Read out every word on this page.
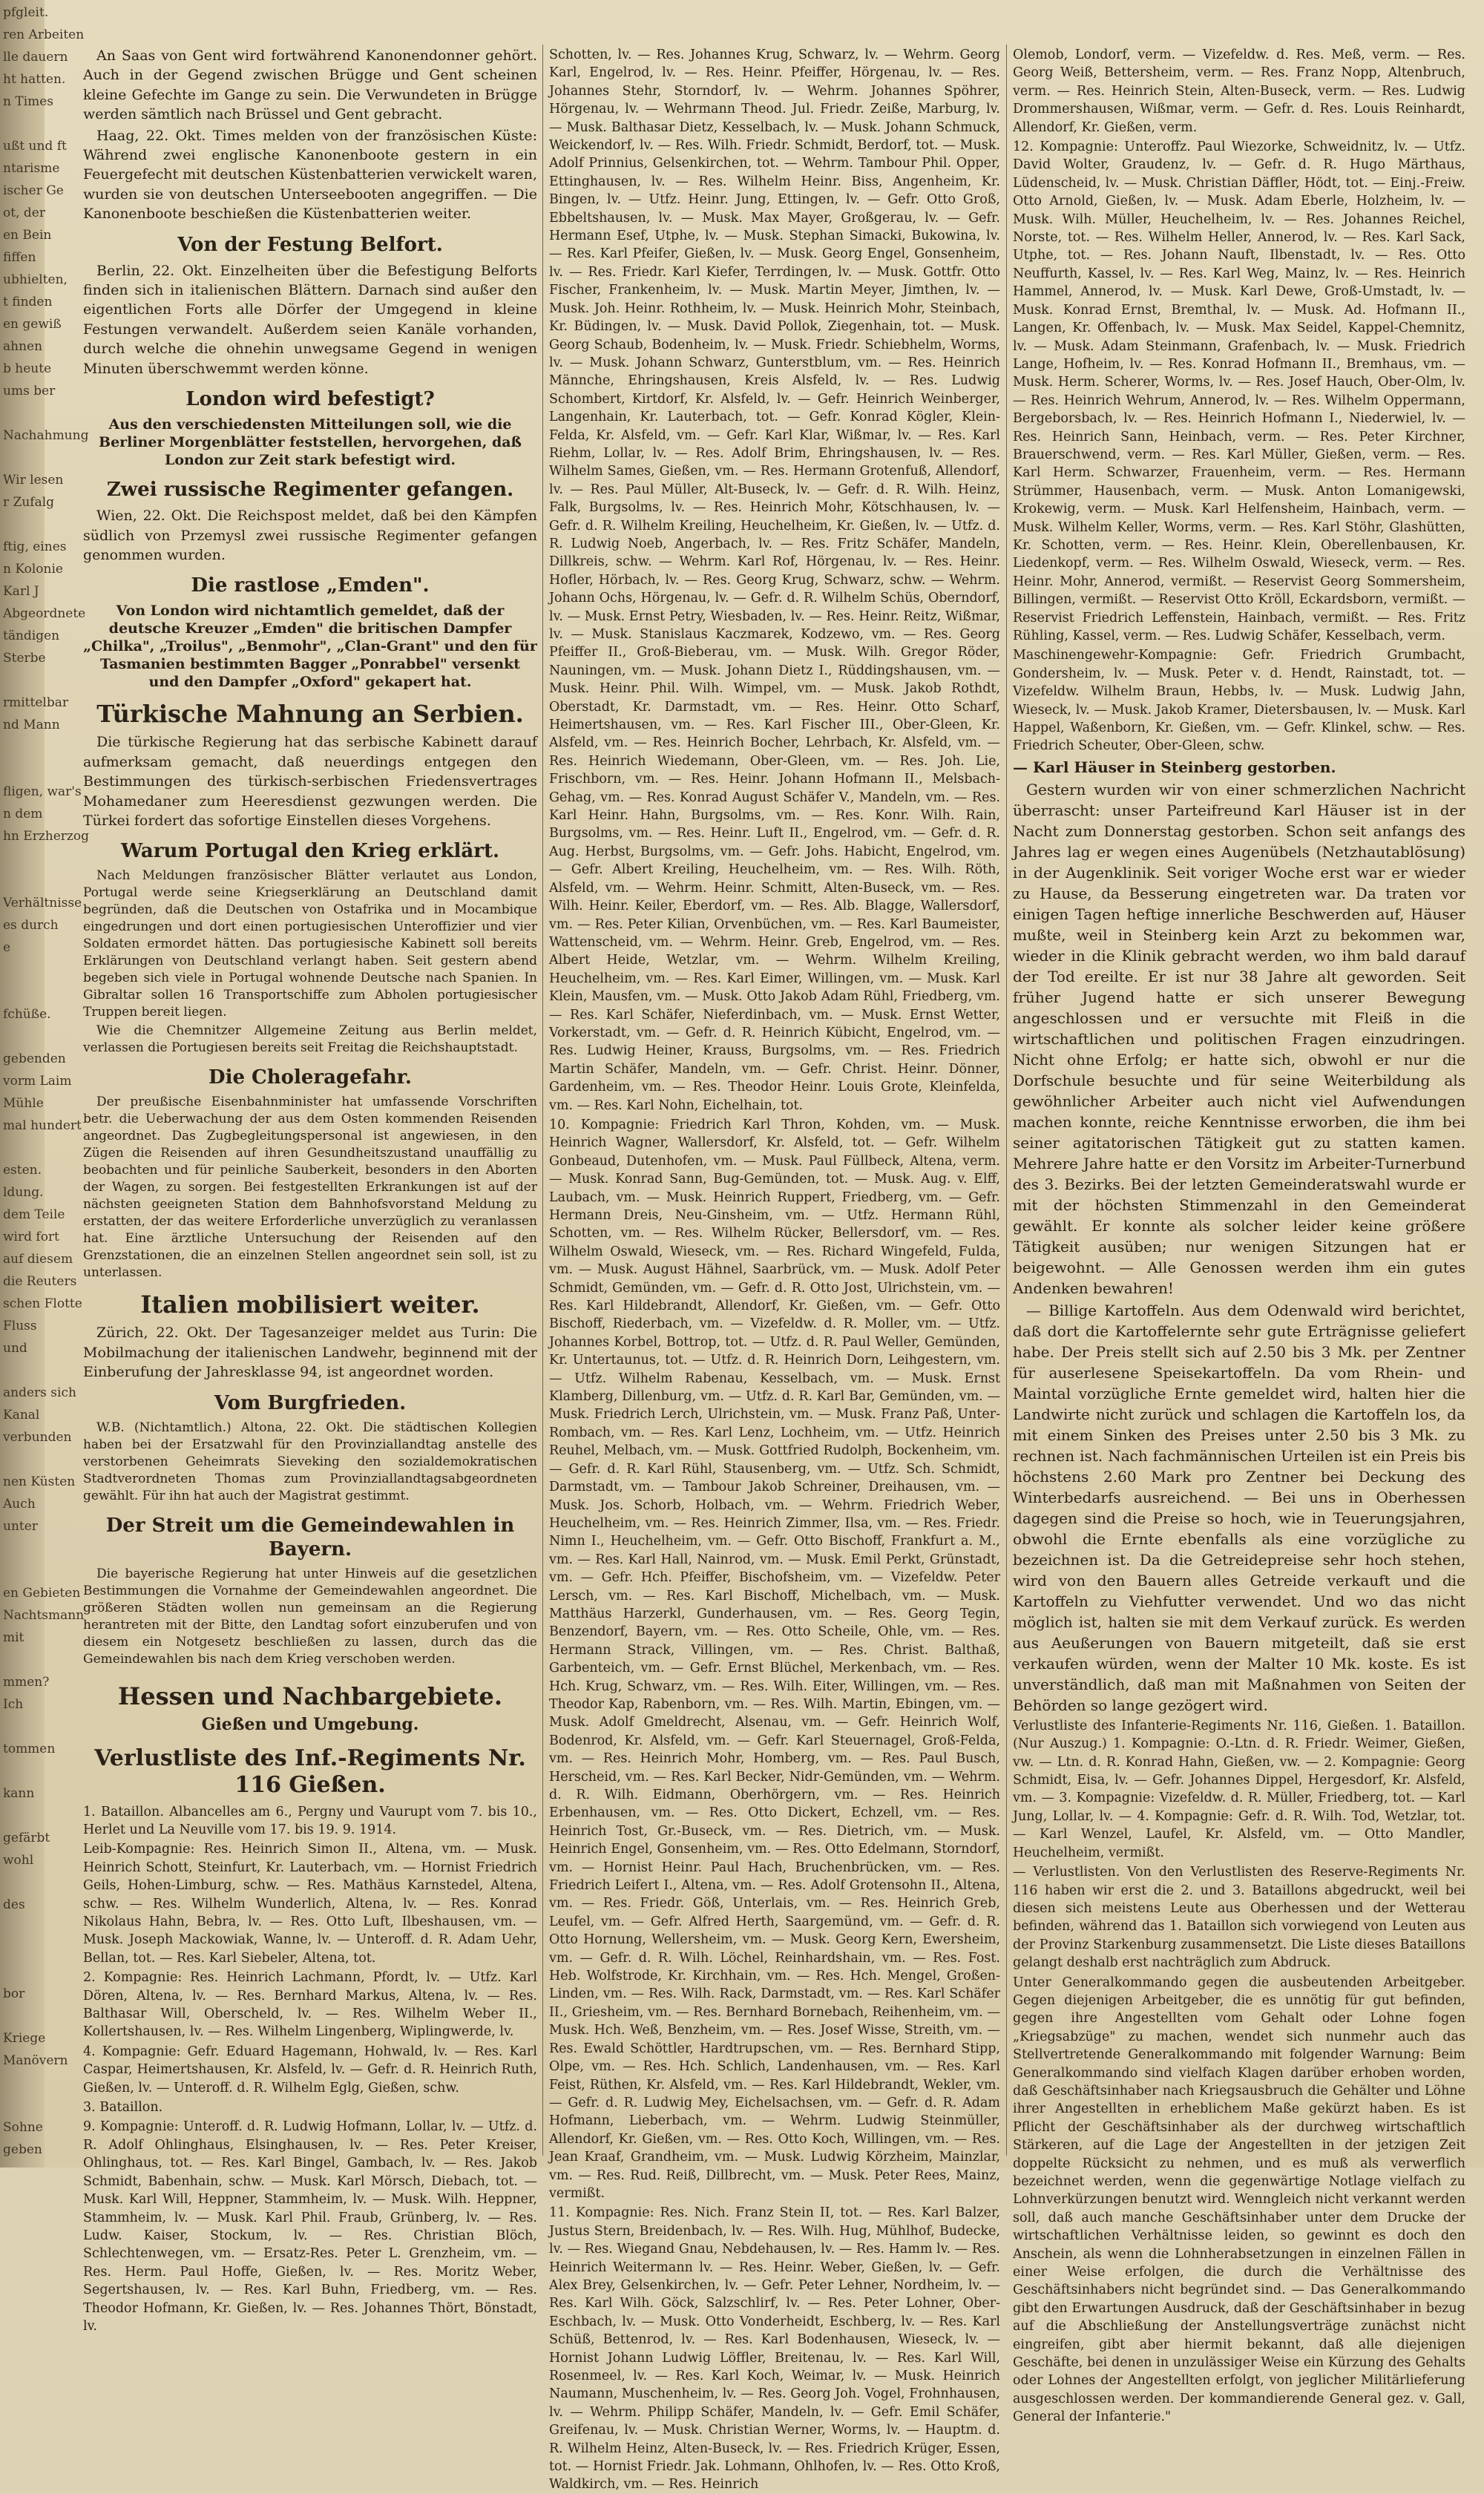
pfgleit.
ren Arbeiten
lle dauern
ht hatten.
n Times
ußt und ft
ntarisme
ischer Ge
ot, der
en Bein
fiffen
ubhielten,
t finden
en gewiß
ahnen
b heute
ums ber
Nachahmung
Wir lesen
r Zufalg
ftig, eines
n Kolonie
Karl J
Abgeordnete
tändigen
Sterbe
rmittelbar
nd Mann
fligen, war's
n dem
hn Erzherzog
Verhältnisse
es durch
e
fchüße.
gebenden
vorm Laim
Mühle
mal hundert
esten.
ldung.
dem Teile
wird fort
auf diesem
die Reuters
schen Flotte
Fluss
und
anders sich
Kanal
verbunden
nen Küsten
Auch
unter
en Gebieten
Nachtsmann
mit
mmen?
Ich
tommen
kann
gefärbt
wohl
des
bor
Kriege
Manövern
Sohne
geben

An Saas von Gent wird fortwährend Kanonendonner gehört. Auch in der Gegend zwischen Brügge und Gent scheinen kleine Gefechte im Gange zu sein. Die Verwundeten in Brügge werden sämtlich nach Brüssel und Gent gebracht.

Haag, 22. Okt. Times melden von der französischen Küste: Während zwei englische Kanonenboote gestern in ein Feuergefecht mit deutschen Küstenbatterien verwickelt waren, wurden sie von deutschen Unterseebooten angegriffen. — Die Kanonenboote beschießen die Küstenbatterien weiter.

Von der Festung Belfort.

Berlin, 22. Okt. Einzelheiten über die Befestigung Belforts finden sich in italienischen Blättern. Darnach sind außer den eigentlichen Forts alle Dörfer der Umgegend in kleine Festungen verwandelt. Außerdem seien Kanäle vorhanden, durch welche die ohnehin unwegsame Gegend in wenigen Minuten überschwemmt werden könne.

London wird befestigt?
Aus den verschiedensten Mitteilungen soll, wie die Berliner Morgenblätter feststellen, hervorgehen, daß London zur Zeit stark befestigt wird.
Zwei russische Regimenter gefangen.

Wien, 22. Okt. Die Reichspost meldet, daß bei den Kämpfen südlich von Przemysl zwei russische Regimenter gefangen genommen wurden.

Die rastlose „Emden".
Von London wird nichtamtlich gemeldet, daß der deutsche Kreuzer „Emden" die britischen Dampfer „Chilka", „Troilus", „Benmohr", „Clan-Grant" und den für Tasmanien bestimmten Bagger „Ponrabbel" versenkt und den Dampfer „Oxford" gekapert hat.
Türkische Mahnung an Serbien.

Die türkische Regierung hat das serbische Kabinett darauf aufmerksam gemacht, daß neuerdings entgegen den Bestimmungen des türkisch-serbischen Friedensvertrages Mohamedaner zum Heeresdienst gezwungen werden. Die Türkei fordert das sofortige Einstellen dieses Vorgehens.

Warum Portugal den Krieg erklärt.

Nach Meldungen französischer Blätter verlautet aus London, Portugal werde seine Kriegserklärung an Deutschland damit begründen, daß die Deutschen von Ostafrika und in Mocambique eingedrungen und dort einen portugiesischen Unteroffizier und vier Soldaten ermordet hätten. Das portugiesische Kabinett soll bereits Erklärungen von Deutschland verlangt haben. Seit gestern abend begeben sich viele in Portugal wohnende Deutsche nach Spanien. In Gibraltar sollen 16 Transportschiffe zum Abholen portugiesischer Truppen bereit liegen.

Wie die Chemnitzer Allgemeine Zeitung aus Berlin meldet, verlassen die Portugiesen bereits seit Freitag die Reichshauptstadt.

Die Choleragefahr.

Der preußische Eisenbahnminister hat umfassende Vorschriften betr. die Ueberwachung der aus dem Osten kommenden Reisenden angeordnet. Das Zugbegleitungspersonal ist angewiesen, in den Zügen die Reisenden auf ihren Gesundheitszustand unauffällig zu beobachten und für peinliche Sauberkeit, besonders in den Aborten der Wagen, zu sorgen. Bei festgestellten Erkrankungen ist auf der nächsten geeigneten Station dem Bahnhofsvorstand Meldung zu erstatten, der das weitere Erforderliche unverzüglich zu veranlassen hat. Eine ärztliche Untersuchung der Reisenden auf den Grenzstationen, die an einzelnen Stellen angeordnet sein soll, ist zu unterlassen.

Italien mobilisiert weiter.

Zürich, 22. Okt. Der Tagesanzeiger meldet aus Turin: Die Mobilmachung der italienischen Landwehr, beginnend mit der Einberufung der Jahresklasse 94, ist angeordnet worden.

Vom Burgfrieden.

W.B. (Nichtamtlich.) Altona, 22. Okt. Die städtischen Kollegien haben bei der Ersatzwahl für den Provinziallandtag anstelle des verstorbenen Geheimrats Sieveking den sozialdemokratischen Stadtverordneten Thomas zum Provinziallandtagsabgeordneten gewählt. Für ihn hat auch der Magistrat gestimmt.

Der Streit um die Gemeindewahlen in Bayern.

Die bayerische Regierung hat unter Hinweis auf die gesetzlichen Bestimmungen die Vornahme der Gemeindewahlen angeordnet. Die größeren Städten wollen nun gemeinsam an die Regierung herantreten mit der Bitte, den Landtag sofort einzuberufen und von diesem ein Notgesetz beschließen zu lassen, durch das die Gemeindewahlen bis nach dem Krieg verschoben werden.

Hessen und Nachbargebiete.
Gießen und Umgebung.
Verlustliste des Inf.-Regiments Nr. 116 Gießen.

1. Bataillon. Albancelles am 6., Pergny und Vaurupt vom 7. bis 10., Herlet und La Neuville vom 17. bis 19. 9. 1914.

Leib-Kompagnie: Res. Heinrich Simon II., Altena, vm. — Musk. Heinrich Schott, Steinfurt, Kr. Lauterbach, vm. — Hornist Friedrich Geils, Hohen-Limburg, schw. — Res. Mathäus Karnstedel, Altena, schw. — Res. Wilhelm Wunderlich, Altena, lv. — Res. Konrad Nikolaus Hahn, Bebra, lv. — Res. Otto Luft, Ilbeshausen, vm. — Musk. Joseph Mackowiak, Wanne, lv. — Unteroff. d. R. Adam Uehr, Bellan, tot. — Res. Karl Siebeler, Altena, tot.

2. Kompagnie: Res. Heinrich Lachmann, Pfordt, lv. — Utfz. Karl Dören, Altena, lv. — Res. Bernhard Markus, Altena, lv. — Res. Balthasar Will, Oberscheld, lv. — Res. Wilhelm Weber II., Kollertshausen, lv. — Res. Wilhelm Lingenberg, Wiplingwerde, lv.

4. Kompagnie: Gefr. Eduard Hagemann, Hohwald, lv. — Res. Karl Caspar, Heimertshausen, Kr. Alsfeld, lv. — Gefr. d. R. Heinrich Ruth, Gießen, lv. — Unteroff. d. R. Wilhelm Eglg, Gießen, schw.

3. Bataillon.

9. Kompagnie: Unteroff. d. R. Ludwig Hofmann, Lollar, lv. — Utfz. d. R. Adolf Ohlinghaus, Elsinghausen, lv. — Res. Peter Kreiser, Ohlinghaus, tot. — Res. Karl Bingel, Gambach, lv. — Res. Jakob Schmidt, Babenhain, schw. — Musk. Karl Mörsch, Diebach, tot. — Musk. Karl Will, Heppner, Stammheim, lv. — Musk. Wilh. Heppner, Stammheim, lv. — Musk. Karl Phil. Fraub, Grünberg, lv. — Res. Ludw. Kaiser, Stockum, lv. — Res. Christian Blöch, Schlechtenwegen, vm. — Ersatz-Res. Peter L. Grenzheim, vm. — Res. Herm. Paul Hoffe, Gießen, lv. — Res. Moritz Weber, Segertshausen, lv. — Res. Karl Buhn, Friedberg, vm. — Res. Theodor Hofmann, Kr. Gießen, lv. — Res. Johannes Thört, Bönstadt, lv.

Schotten, lv. — Res. Johannes Krug, Schwarz, lv. — Wehrm. Georg Karl, Engelrod, lv. — Res. Heinr. Pfeiffer, Hörgenau, lv. — Res. Johannes Stehr, Storndorf, lv. — Wehrm. Johannes Spöhrer, Hörgenau, lv. — Wehrmann Theod. Jul. Friedr. Zeiße, Marburg, lv. — Musk. Balthasar Dietz, Kesselbach, lv. — Musk. Johann Schmuck, Weickendorf, lv. — Res. Wilh. Friedr. Schmidt, Berdorf, tot. — Musk. Adolf Prinnius, Gelsenkirchen, tot. — Wehrm. Tambour Phil. Opper, Ettinghausen, lv. — Res. Wilhelm Heinr. Biss, Angenheim, Kr. Bingen, lv. — Utfz. Heinr. Jung, Ettingen, lv. — Gefr. Otto Groß, Ebbeltshausen, lv. — Musk. Max Mayer, Großgerau, lv. — Gefr. Hermann Esef, Utphe, lv. — Musk. Stephan Simacki, Bukowina, lv. — Res. Karl Pfeifer, Gießen, lv. — Musk. Georg Engel, Gonsenheim, lv. — Res. Friedr. Karl Kiefer, Terrdingen, lv. — Musk. Gottfr. Otto Fischer, Frankenheim, lv. — Musk. Martin Meyer, Jimthen, lv. — Musk. Joh. Heinr. Rothheim, lv. — Musk. Heinrich Mohr, Steinbach, Kr. Büdingen, lv. — Musk. David Pollok, Ziegenhain, tot. — Musk. Georg Schaub, Bodenheim, lv. — Musk. Friedr. Schiebhelm, Worms, lv. — Musk. Johann Schwarz, Gunterstblum, vm. — Res. Heinrich Männche, Ehringshausen, Kreis Alsfeld, lv. — Res. Ludwig Schombert, Kirtdorf, Kr. Alsfeld, lv. — Gefr. Heinrich Weinberger, Langenhain, Kr. Lauterbach, tot. — Gefr. Konrad Kögler, Klein-Felda, Kr. Alsfeld, vm. — Gefr. Karl Klar, Wißmar, lv. — Res. Karl Riehm, Lollar, lv. — Res. Adolf Brim, Ehringshausen, lv. — Res. Wilhelm Sames, Gießen, vm. — Res. Hermann Grotenfuß, Allendorf, lv. — Res. Paul Müller, Alt-Buseck, lv. — Gefr. d. R. Wilh. Heinz, Falk, Burgsolms, lv. — Res. Heinrich Mohr, Kötschhausen, lv. — Gefr. d. R. Wilhelm Kreiling, Heuchelheim, Kr. Gießen, lv. — Utfz. d. R. Ludwig Noeb, Angerbach, lv. — Res. Fritz Schäfer, Mandeln, Dillkreis, schw. — Wehrm. Karl Rof, Hörgenau, lv. — Res. Heinr. Hofler, Hörbach, lv. — Res. Georg Krug, Schwarz, schw. — Wehrm. Johann Ochs, Hörgenau, lv. — Gefr. d. R. Wilhelm Schüs, Oberndorf, lv. — Musk. Ernst Petry, Wiesbaden, lv. — Res. Heinr. Reitz, Wißmar, lv. — Musk. Stanislaus Kaczmarek, Kodzewo, vm. — Res. Georg Pfeiffer II., Groß-Bieberau, vm. — Musk. Wilh. Gregor Röder, Nauningen, vm. — Musk. Johann Dietz I., Rüddingshausen, vm. — Musk. Heinr. Phil. Wilh. Wimpel, vm. — Musk. Jakob Rothdt, Oberstadt, Kr. Darmstadt, vm. — Res. Heinr. Otto Scharf, Heimertshausen, vm. — Res. Karl Fischer III., Ober-Gleen, Kr. Alsfeld, vm. — Res. Heinrich Bocher, Lehrbach, Kr. Alsfeld, vm. — Res. Heinrich Wiedemann, Ober-Gleen, vm. — Res. Joh. Lie, Frischborn, vm. — Res. Heinr. Johann Hofmann II., Melsbach-Gehag, vm. — Res. Konrad August Schäfer V., Mandeln, vm. — Res. Karl Heinr. Hahn, Burgsolms, vm. — Res. Konr. Wilh. Rain, Burgsolms, vm. — Res. Heinr. Luft II., Engelrod, vm. — Gefr. d. R. Aug. Herbst, Burgsolms, vm. — Gefr. Johs. Habicht, Engelrod, vm. — Gefr. Albert Kreiling, Heuchelheim, vm. — Res. Wilh. Röth, Alsfeld, vm. — Wehrm. Heinr. Schmitt, Alten-Buseck, vm. — Res. Wilh. Heinr. Keiler, Eberdorf, vm. — Res. Alb. Blagge, Wallersdorf, vm. — Res. Peter Kilian, Orvenbüchen, vm. — Res. Karl Baumeister, Wattenscheid, vm. — Wehrm. Heinr. Greb, Engelrod, vm. — Res. Albert Heide, Wetzlar, vm. — Wehrm. Wilhelm Kreiling, Heuchelheim, vm. — Res. Karl Eimer, Willingen, vm. — Musk. Karl Klein, Mausfen, vm. — Musk. Otto Jakob Adam Rühl, Friedberg, vm. — Res. Karl Schäfer, Nieferdinbach, vm. — Musk. Ernst Wetter, Vorkerstadt, vm. — Gefr. d. R. Heinrich Kübicht, Engelrod, vm. — Res. Ludwig Heiner, Krauss, Burgsolms, vm. — Res. Friedrich Martin Schäfer, Mandeln, vm. — Gefr. Christ. Heinr. Dönner, Gardenheim, vm. — Res. Theodor Heinr. Louis Grote, Kleinfelda, vm. — Res. Karl Nohn, Eichelhain, tot.

10. Kompagnie: Friedrich Karl Thron, Kohden, vm. — Musk. Heinrich Wagner, Wallersdorf, Kr. Alsfeld, tot. — Gefr. Wilhelm Gonbeaud, Dutenhofen, vm. — Musk. Paul Füllbeck, Altena, verm. — Musk. Konrad Sann, Bug-Gemünden, tot. — Musk. Aug. v. Elff, Laubach, vm. — Musk. Heinrich Ruppert, Friedberg, vm. — Gefr. Hermann Dreis, Neu-Ginsheim, vm. — Utfz. Hermann Rühl, Schotten, vm. — Res. Wilhelm Rücker, Bellersdorf, vm. — Res. Wilhelm Oswald, Wieseck, vm. — Res. Richard Wingefeld, Fulda, vm. — Musk. August Hähnel, Saarbrück, vm. — Musk. Adolf Peter Schmidt, Gemünden, vm. — Gefr. d. R. Otto Jost, Ulrichstein, vm. — Res. Karl Hildebrandt, Allendorf, Kr. Gießen, vm. — Gefr. Otto Bischoff, Riederbach, vm. — Vizefeldw. d. R. Moller, vm. — Utfz. Johannes Korbel, Bottrop, tot. — Utfz. d. R. Paul Weller, Gemünden, Kr. Untertaunus, tot. — Utfz. d. R. Heinrich Dorn, Leihgestern, vm. — Utfz. Wilhelm Rabenau, Kesselbach, vm. — Musk. Ernst Klamberg, Dillenburg, vm. — Utfz. d. R. Karl Bar, Gemünden, vm. — Musk. Friedrich Lerch, Ulrichstein, vm. — Musk. Franz Paß, Unter-Rombach, vm. — Res. Karl Lenz, Lochheim, vm. — Utfz. Heinrich Reuhel, Melbach, vm. — Musk. Gottfried Rudolph, Bockenheim, vm. — Gefr. d. R. Karl Rühl, Stausenberg, vm. — Utfz. Sch. Schmidt, Darmstadt, vm. — Tambour Jakob Schreiner, Dreihausen, vm. — Musk. Jos. Schorb, Holbach, vm. — Wehrm. Friedrich Weber, Heuchelheim, vm. — Res. Heinrich Zimmer, Ilsa, vm. — Res. Friedr. Nimn I., Heuchelheim, vm. — Gefr. Otto Bischoff, Frankfurt a. M., vm. — Res. Karl Hall, Nainrod, vm. — Musk. Emil Perkt, Grünstadt, vm. — Gefr. Hch. Pfeiffer, Bischofsheim, vm. — Vizefeldw. Peter Lersch, vm. — Res. Karl Bischoff, Michelbach, vm. — Musk. Matthäus Harzerkl, Gunderhausen, vm. — Res. Georg Tegin, Benzendorf, Bayern, vm. — Res. Otto Scheile, Ohle, vm. — Res. Hermann Strack, Villingen, vm. — Res. Christ. Balthaß, Garbenteich, vm. — Gefr. Ernst Blüchel, Merkenbach, vm. — Res. Hch. Krug, Schwarz, vm. — Res. Wilh. Eiter, Willingen, vm. — Res. Theodor Kap, Rabenborn, vm. — Res. Wilh. Martin, Ebingen, vm. — Musk. Adolf Gmeldrecht, Alsenau, vm. — Gefr. Heinrich Wolf, Bodenrod, Kr. Alsfeld, vm. — Gefr. Karl Steuernagel, Groß-Felda, vm. — Res. Heinrich Mohr, Homberg, vm. — Res. Paul Busch, Herscheid, vm. — Res. Karl Becker, Nidr-Gemünden, vm. — Wehrm. d. R. Wilh. Eidmann, Oberhörgern, vm. — Res. Heinrich Erbenhausen, vm. — Res. Otto Dickert, Echzell, vm. — Res. Heinrich Tost, Gr.-Buseck, vm. — Res. Dietrich, vm. — Musk. Heinrich Engel, Gonsenheim, vm. — Res. Otto Edelmann, Storndorf, vm. — Hornist Heinr. Paul Hach, Bruchenbrücken, vm. — Res. Friedrich Leifert I., Altena, vm. — Res. Adolf Grotensohn II., Altena, vm. — Res. Friedr. Göß, Unterlais, vm. — Res. Heinrich Greb, Leufel, vm. — Gefr. Alfred Herth, Saargemünd, vm. — Gefr. d. R. Otto Hornung, Wellersheim, vm. — Musk. Georg Kern, Ewersheim, vm. — Gefr. d. R. Wilh. Löchel, Reinhardshain, vm. — Res. Fost. Heb. Wolfstrode, Kr. Kirchhain, vm. — Res. Hch. Mengel, Großen-Linden, vm. — Res. Wilh. Rack, Darmstadt, vm. — Res. Karl Schäfer II., Griesheim, vm. — Res. Bernhard Bornebach, Reihenheim, vm. — Musk. Hch. Weß, Benzheim, vm. — Res. Josef Wisse, Streith, vm. — Res. Ewald Schöttler, Hardtrupschen, vm. — Res. Bernhard Stipp, Olpe, vm. — Res. Hch. Schlich, Landenhausen, vm. — Res. Karl Feist, Rüthen, Kr. Alsfeld, vm. — Res. Karl Hildebrandt, Wekler, vm. — Gefr. d. R. Ludwig Mey, Eichelsachsen, vm. — Gefr. d. R. Adam Hofmann, Lieberbach, vm. — Wehrm. Ludwig Steinmüller, Allendorf, Kr. Gießen, vm. — Res. Otto Koch, Willingen, vm. — Res. Jean Kraaf, Grandheim, vm. — Musk. Ludwig Körzheim, Mainzlar, vm. — Res. Rud. Reiß, Dillbrecht, vm. — Musk. Peter Rees, Mainz, vermißt.

11. Kompagnie: Res. Nich. Franz Stein II, tot. — Res. Karl Balzer, Justus Stern, Breidenbach, lv. — Res. Wilh. Hug, Mühlhof, Budecke, lv. — Res. Wiegand Gnau, Nebdehausen, lv. — Res. Hamm lv. — Res. Heinrich Weitermann lv. — Res. Heinr. Weber, Gießen, lv. — Gefr. Alex Brey, Gelsenkirchen, lv. — Gefr. Peter Lehner, Nordheim, lv. — Res. Karl Wilh. Göck, Salzschlirf, lv. — Res. Peter Lohner, Ober-Eschbach, lv. — Musk. Otto Vonderheidt, Eschberg, lv. — Res. Karl Schüß, Bettenrod, lv. — Res. Karl Bodenhausen, Wieseck, lv. — Hornist Johann Ludwig Löffler, Breitenau, lv. — Res. Karl Will, Rosenmeel, lv. — Res. Karl Koch, Weimar, lv. — Musk. Heinrich Naumann, Muschenheim, lv. — Res. Georg Joh. Vogel, Frohnhausen, lv. — Wehrm. Philipp Schäfer, Mandeln, lv. — Gefr. Emil Schäfer, Greifenau, lv. — Musk. Christian Werner, Worms, lv. — Hauptm. d. R. Wilhelm Heinz, Alten-Buseck, lv. — Res. Friedrich Krüger, Essen, tot. — Hornist Friedr. Jak. Lohmann, Ohlhofen, lv. — Res. Otto Kroß, Waldkirch, vm. — Res. Heinrich

Olemob, Londorf, verm. — Vizefeldw. d. Res. Meß, verm. — Res. Georg Weiß, Bettersheim, verm. — Res. Franz Nopp, Altenbruch, verm. — Res. Heinrich Stein, Alten-Buseck, verm. — Res. Ludwig Drommershausen, Wißmar, verm. — Gefr. d. Res. Louis Reinhardt, Allendorf, Kr. Gießen, verm.

12. Kompagnie: Unteroffz. Paul Wiezorke, Schweidnitz, lv. — Utfz. David Wolter, Graudenz, lv. — Gefr. d. R. Hugo Märthaus, Lüdenscheid, lv. — Musk. Christian Däffler, Hödt, tot. — Einj.-Freiw. Otto Arnold, Gießen, lv. — Musk. Adam Eberle, Holzheim, lv. — Musk. Wilh. Müller, Heuchelheim, lv. — Res. Johannes Reichel, Norste, tot. — Res. Wilhelm Heller, Annerod, lv. — Res. Karl Sack, Utphe, tot. — Res. Johann Nauft, Ilbenstadt, lv. — Res. Otto Neuffurth, Kassel, lv. — Res. Karl Weg, Mainz, lv. — Res. Heinrich Hammel, Annerod, lv. — Musk. Karl Dewe, Groß-Umstadt, lv. — Musk. Konrad Ernst, Bremthal, lv. — Musk. Ad. Hofmann II., Langen, Kr. Offenbach, lv. — Musk. Max Seidel, Kappel-Chemnitz, lv. — Musk. Adam Steinmann, Grafenbach, lv. — Musk. Friedrich Lange, Hofheim, lv. — Res. Konrad Hofmann II., Bremhaus, vm. — Musk. Herm. Scherer, Worms, lv. — Res. Josef Hauch, Ober-Olm, lv. — Res. Heinrich Wehrum, Annerod, lv. — Res. Wilhelm Oppermann, Bergeborsbach, lv. — Res. Heinrich Hofmann I., Niederwiel, lv. — Res. Heinrich Sann, Heinbach, verm. — Res. Peter Kirchner, Brauerschwend, verm. — Res. Karl Müller, Gießen, verm. — Res. Karl Herm. Schwarzer, Frauenheim, verm. — Res. Hermann Strümmer, Hausenbach, verm. — Musk. Anton Lomanigewski, Krokewig, verm. — Musk. Karl Helfensheim, Hainbach, verm. — Musk. Wilhelm Keller, Worms, verm. — Res. Karl Stöhr, Glashütten, Kr. Schotten, verm. — Res. Heinr. Klein, Oberellenbausen, Kr. Liedenkopf, verm. — Res. Wilhelm Oswald, Wieseck, verm. — Res. Heinr. Mohr, Annerod, vermißt. — Reservist Georg Sommersheim, Billingen, vermißt. — Reservist Otto Kröll, Eckardsborn, vermißt. — Reservist Friedrich Leffenstein, Hainbach, vermißt. — Res. Fritz Rühling, Kassel, verm. — Res. Ludwig Schäfer, Kesselbach, verm.

Maschinengewehr-Kompagnie: Gefr. Friedrich Grumbacht, Gondersheim, lv. — Musk. Peter v. d. Hendt, Rainstadt, tot. — Vizefeldw. Wilhelm Braun, Hebbs, lv. — Musk. Ludwig Jahn, Wieseck, lv. — Musk. Jakob Kramer, Dietersbausen, lv. — Musk. Karl Happel, Waßenborn, Kr. Gießen, vm. — Gefr. Klinkel, schw. — Res. Friedrich Scheuter, Ober-Gleen, schw.

— Karl Häuser in Steinberg gestorben.

Gestern wurden wir von einer schmerzlichen Nachricht überrascht: unser Parteifreund Karl Häuser ist in der Nacht zum Donnerstag gestorben. Schon seit anfangs des Jahres lag er wegen eines Augenübels (Netzhautablösung) in der Augenklinik. Seit voriger Woche erst war er wieder zu Hause, da Besserung eingetreten war. Da traten vor einigen Tagen heftige innerliche Beschwerden auf, Häuser mußte, weil in Steinberg kein Arzt zu bekommen war, wieder in die Klinik gebracht werden, wo ihm bald darauf der Tod ereilte. Er ist nur 38 Jahre alt geworden. Seit früher Jugend hatte er sich unserer Bewegung angeschlossen und er versuchte mit Fleiß in die wirtschaftlichen und politischen Fragen einzudringen. Nicht ohne Erfolg; er hatte sich, obwohl er nur die Dorfschule besuchte und für seine Weiterbildung als gewöhnlicher Arbeiter auch nicht viel Aufwendungen machen konnte, reiche Kenntnisse erworben, die ihm bei seiner agitatorischen Tätigkeit gut zu statten kamen. Mehrere Jahre hatte er den Vorsitz im Arbeiter-Turnerbund des 3. Bezirks. Bei der letzten Gemeinderatswahl wurde er mit der höchsten Stimmenzahl in den Gemeinderat gewählt. Er konnte als solcher leider keine größere Tätigkeit ausüben; nur wenigen Sitzungen hat er beigewohnt. — Alle Genossen werden ihm ein gutes Andenken bewahren!

— Billige Kartoffeln. Aus dem Odenwald wird berichtet, daß dort die Kartoffelernte sehr gute Erträgnisse geliefert habe. Der Preis stellt sich auf 2.50 bis 3 Mk. per Zentner für auserlesene Speisekartoffeln. Da vom Rhein- und Maintal vorzügliche Ernte gemeldet wird, halten hier die Landwirte nicht zurück und schlagen die Kartoffeln los, da mit einem Sinken des Preises unter 2.50 bis 3 Mk. zu rechnen ist. Nach fachmännischen Urteilen ist ein Preis bis höchstens 2.60 Mark pro Zentner bei Deckung des Winterbedarfs ausreichend. — Bei uns in Oberhessen dagegen sind die Preise so hoch, wie in Teuerungsjahren, obwohl die Ernte ebenfalls als eine vorzügliche zu bezeichnen ist. Da die Getreidepreise sehr hoch stehen, wird von den Bauern alles Getreide verkauft und die Kartoffeln zu Viehfutter verwendet. Und wo das nicht möglich ist, halten sie mit dem Verkauf zurück. Es werden aus Aeußerungen von Bauern mitgeteilt, daß sie erst verkaufen würden, wenn der Malter 10 Mk. koste. Es ist unverständlich, daß man mit Maßnahmen von Seiten der Behörden so lange gezögert wird.

Verlustliste des Infanterie-Regiments Nr. 116, Gießen. 1. Bataillon. (Nur Auszug.) 1. Kompagnie: O.-Ltn. d. R. Friedr. Weimer, Gießen, vw. — Ltn. d. R. Konrad Hahn, Gießen, vw. — 2. Kompagnie: Georg Schmidt, Eisa, lv. — Gefr. Johannes Dippel, Hergesdorf, Kr. Alsfeld, vm. — 3. Kompagnie: Vizefeldw. d. R. Müller, Friedberg, tot. — Karl Jung, Lollar, lv. — 4. Kompagnie: Gefr. d. R. Wilh. Tod, Wetzlar, tot. — Karl Wenzel, Laufel, Kr. Alsfeld, vm. — Otto Mandler, Heuchelheim, vermißt.

— Verlustlisten. Von den Verlustlisten des Reserve-Regiments Nr. 116 haben wir erst die 2. und 3. Bataillons abgedruckt, weil bei diesen sich meistens Leute aus Oberhessen und der Wetterau befinden, während das 1. Bataillon sich vorwiegend von Leuten aus der Provinz Starkenburg zusammensetzt. Die Liste dieses Bataillons gelangt deshalb erst nachträglich zum Abdruck.

Unter Generalkommando gegen die ausbeutenden Arbeitgeber. Gegen diejenigen Arbeitgeber, die es unnötig für gut befinden, gegen ihre Angestellten vom Gehalt oder Lohne fogen „Kriegsabzüge" zu machen, wendet sich nunmehr auch das Stellvertretende Generalkommando mit folgender Warnung: Beim Generalkommando sind vielfach Klagen darüber erhoben worden, daß Geschäftsinhaber nach Kriegsausbruch die Gehälter und Löhne ihrer Angestellten in erheblichem Maße gekürzt haben. Es ist Pflicht der Geschäftsinhaber als der durchweg wirtschaftlich Stärkeren, auf die Lage der Angestellten in der jetzigen Zeit doppelte Rücksicht zu nehmen, und es muß als verwerflich bezeichnet werden, wenn die gegenwärtige Notlage vielfach zu Lohnverkürzungen benutzt wird. Wenngleich nicht verkannt werden soll, daß auch manche Geschäftsinhaber unter dem Drucke der wirtschaftlichen Verhältnisse leiden, so gewinnt es doch den Anschein, als wenn die Lohnherabsetzungen in einzelnen Fällen in einer Weise erfolgen, die durch die Verhältnisse des Geschäftsinhabers nicht begründet sind. — Das Generalkommando gibt den Erwartungen Ausdruck, daß der Geschäftsinhaber in bezug auf die Abschließung der Anstellungsverträge zunächst nicht eingreifen, gibt aber hiermit bekannt, daß alle diejenigen Geschäfte, bei denen in unzulässiger Weise ein Kürzung des Gehalts oder Lohnes der Angestellten erfolgt, von jeglicher Militärlieferung ausgeschlossen werden. Der kommandierende General gez. v. Gall, General der Infanterie."
